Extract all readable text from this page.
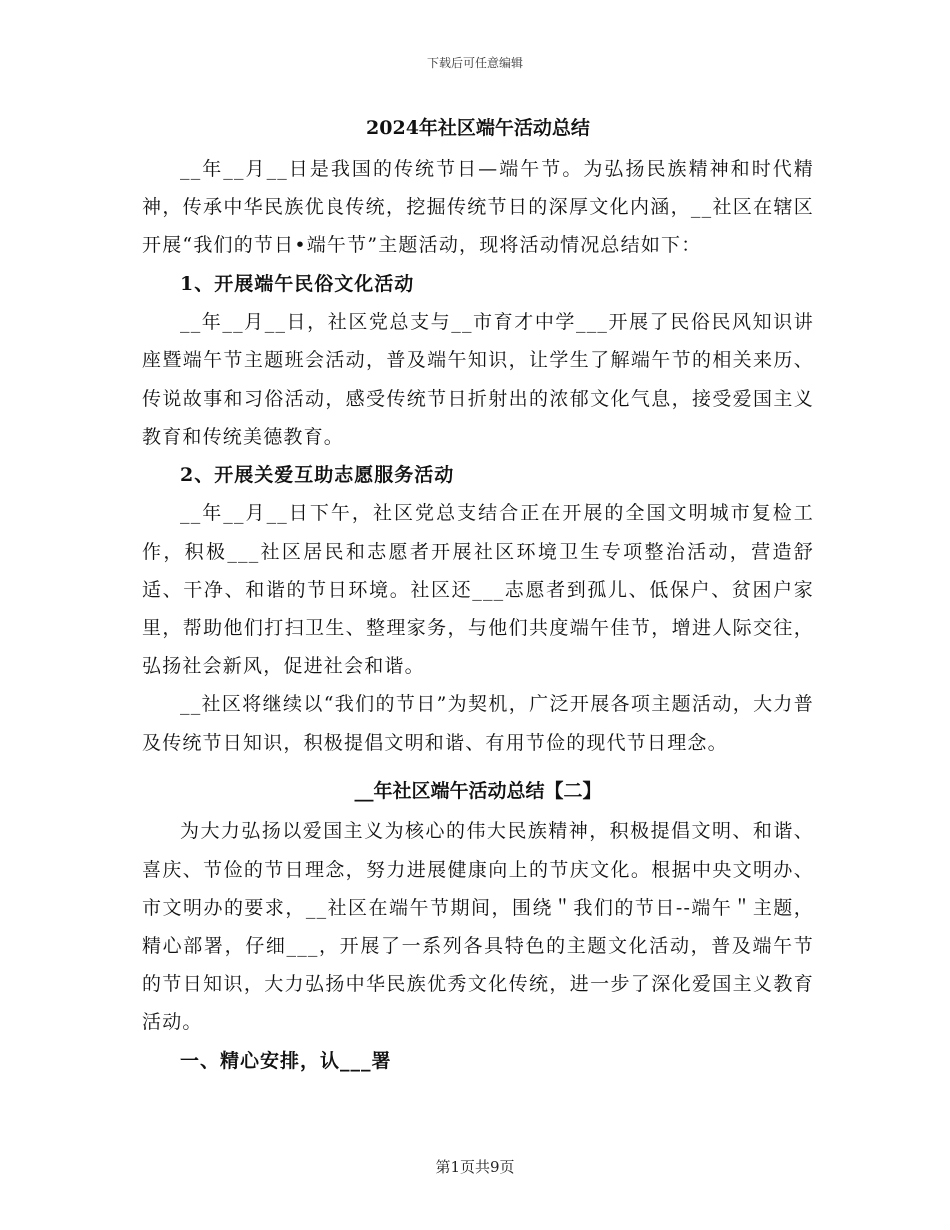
下载后可任意编辑
2024年社区端午活动总结

__年__月__日是我国的传统节日—端午节。为弘扬民族精神和时代精神，传承中华民族优良传统，挖掘传统节日的深厚文化内涵，__社区在辖区开展“我们的节日•端午节”主题活动，现将活动情况总结如下：

1、开展端午民俗文化活动

__年__月__日，社区党总支与__市育才中学___开展了民俗民风知识讲座暨端午节主题班会活动，普及端午知识，让学生了解端午节的相关来历、传说故事和习俗活动，感受传统节日折射出的浓郁文化气息，接受爱国主义教育和传统美德教育。

2、开展关爱互助志愿服务活动

__年__月__日下午，社区党总支结合正在开展的全国文明城市复检工作，积极___社区居民和志愿者开展社区环境卫生专项整治活动，营造舒适、干净、和谐的节日环境。社区还___志愿者到孤儿、低保户、贫困户家里，帮助他们打扫卫生、整理家务，与他们共度端午佳节，增进人际交往，弘扬社会新风，促进社会和谐。

__社区将继续以“我们的节日”为契机，广泛开展各项主题活动，大力普及传统节日知识，积极提倡文明和谐、有用节俭的现代节日理念。

__年社区端午活动总结【二】

为大力弘扬以爱国主义为核心的伟大民族精神，积极提倡文明、和谐、喜庆、节俭的节日理念，努力进展健康向上的节庆文化。根据中央文明办、市文明办的要求，__社区在端午节期间，围绕＂我们的节日--端午＂主题，精心部署，仔细___，开展了一系列各具特色的主题文化活动，普及端午节的节日知识，大力弘扬中华民族优秀文化传统，进一步了深化爱国主义教育活动。

一、精心安排，认___署
第1页共9页
